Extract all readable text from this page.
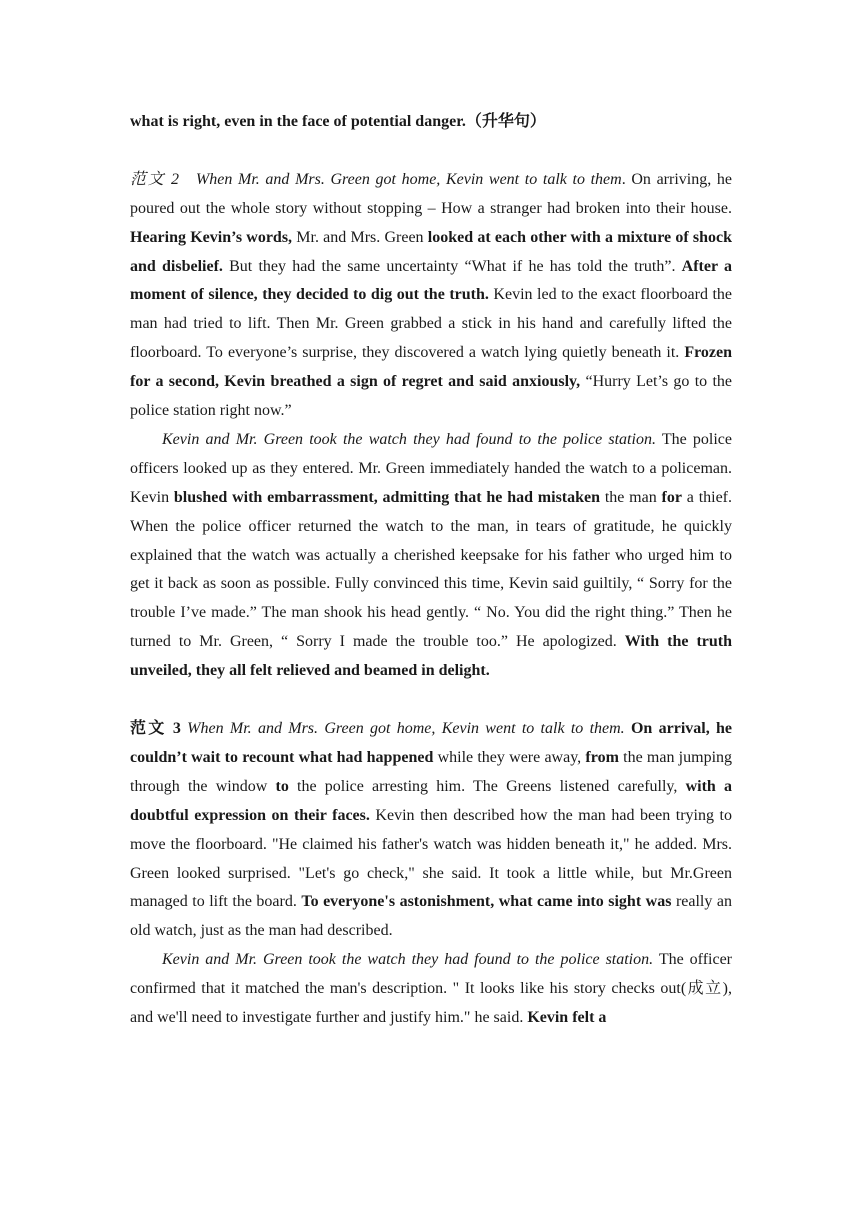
what is right, even in the face of potential danger.（升华句）

范文 2 When Mr. and Mrs. Green got home, Kevin went to talk to them. On arriving, he poured out the whole story without stopping – How a stranger had broken into their house. Hearing Kevin’s words, Mr. and Mrs. Green looked at each other with a mixture of shock and disbelief. But they had the same uncertainty “What if he has told the truth”. After a moment of silence, they decided to dig out the truth. Kevin led to the exact floorboard the man had tried to lift. Then Mr. Green grabbed a stick in his hand and carefully lifted the floorboard. To everyone’s surprise, they discovered a watch lying quietly beneath it. Frozen for a second, Kevin breathed a sign of regret and said anxiously, “Hurry Let’s go to the police station right now.”

Kevin and Mr. Green took the watch they had found to the police station. The police officers looked up as they entered. Mr. Green immediately handed the watch to a policeman. Kevin blushed with embarrassment, admitting that he had mistaken the man for a thief. When the police officer returned the watch to the man, in tears of gratitude, he quickly explained that the watch was actually a cherished keepsake for his father who urged him to get it back as soon as possible. Fully convinced this time, Kevin said guiltily, “ Sorry for the trouble I’ve made.” The man shook his head gently. “ No. You did the right thing.” Then he turned to Mr. Green, “ Sorry I made the trouble too.” He apologized. With the truth unveiled, they all felt relieved and beamed in delight.

范文 3 When Mr. and Mrs. Green got home, Kevin went to talk to them. On arrival, he couldn’t wait to recount what had happened while they were away, from the man jumping through the window to the police arresting him. The Greens listened carefully, with a doubtful expression on their faces. Kevin then described how the man had been trying to move the floorboard. "He claimed his father's watch was hidden beneath it," he added. Mrs. Green looked surprised. "Let's go check," she said. It took a little while, but Mr.Green managed to lift the board. To everyone's astonishment, what came into sight was really an old watch, just as the man had described.

Kevin and Mr. Green took the watch they had found to the police station. The officer confirmed that it matched the man's description. " It looks like his story checks out(成立), and we'll need to investigate further and justify him." he said. Kevin felt a
